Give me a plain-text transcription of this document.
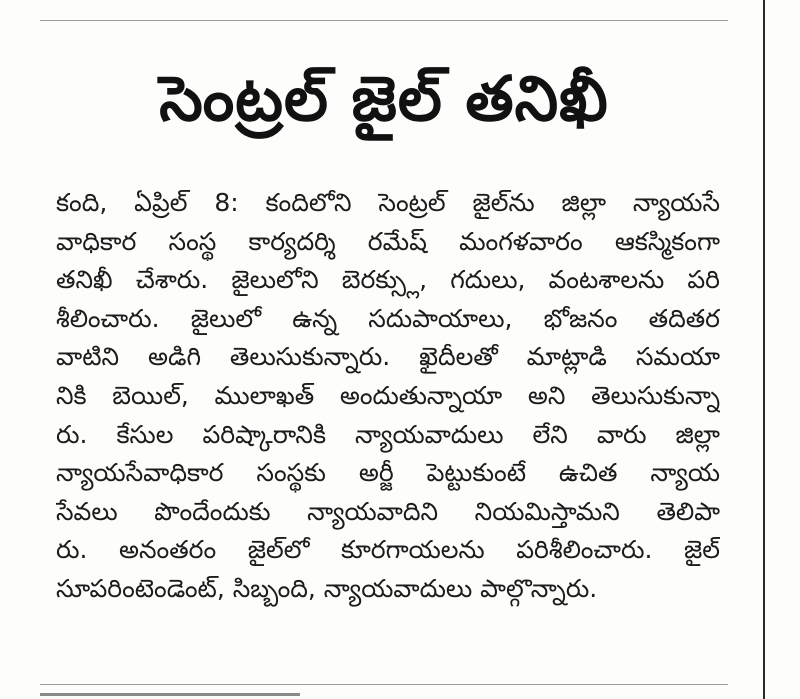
సెంట్రల్ జైల్ తనిఖీ
కంది, ఏప్రిల్ 8: కందిలోని సెంట్రల్ జైల్‌ను జిల్లా న్యాయసే
వాధికార సంస్థ కార్యదర్శి రమేష్ మంగళవారం ఆకస్మికంగా
తనిఖీ చేశారు. జైలులోని బెరక్స్లు, గదులు, వంటశాలను పరి
శీలించారు. జైలులో ఉన్న సదుపాయాలు, భోజనం తదితర
వాటిని అడిగి తెలుసుకున్నారు. ఖైదీలతో మాట్లాడి సమయా
నికి బెయిల్, ములాఖత్ అందుతున్నాయా అని తెలుసుకున్నా
రు. కేసుల పరిష్కారానికి న్యాయవాదులు లేని వారు జిల్లా
న్యాయసేవాధికార సంస్థకు అర్జీ పెట్టుకుంటే ఉచిత న్యాయ
సేవలు పొందేందుకు న్యాయవాదిని నియమిస్తామని తెలిపా
రు. అనంతరం జైల్‌లో కూరగాయలను పరిశీలించారు. జైల్
సూపరింటెండెంట్, సిబ్బంది, న్యాయవాదులు పాల్గొన్నారు.
